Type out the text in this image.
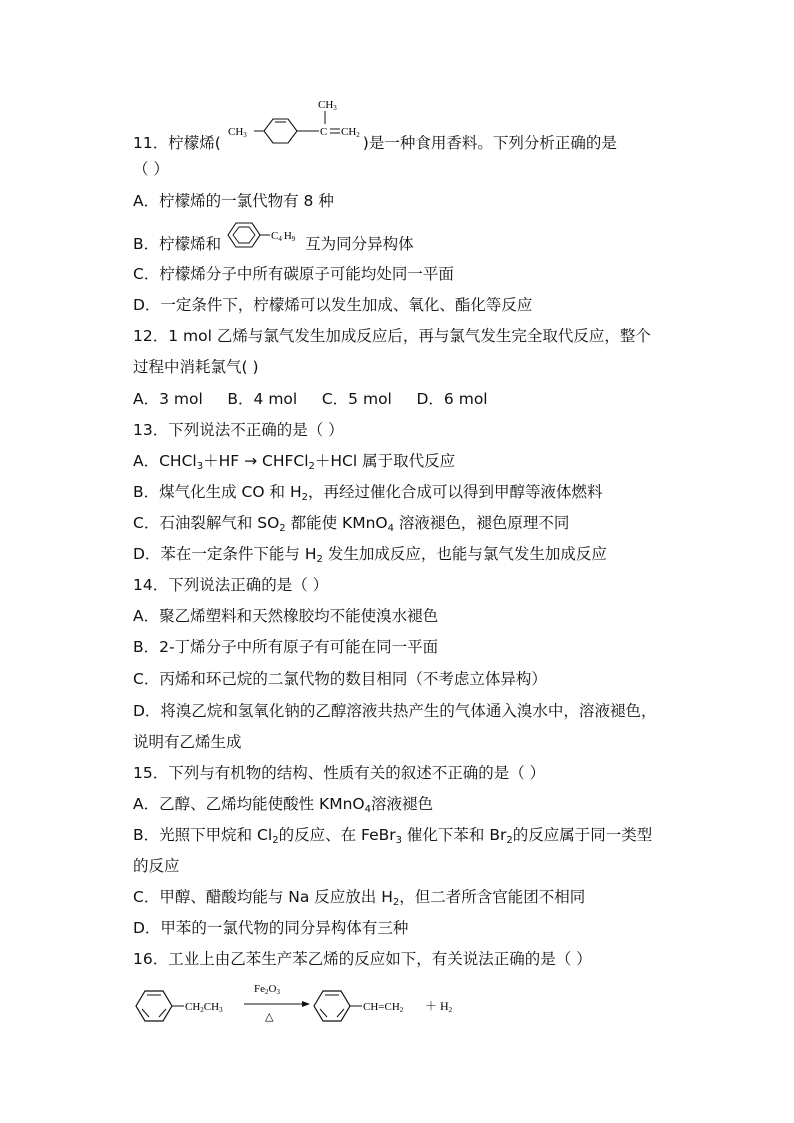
CH3
CH3	C CH2
11．柠檬烯(	)是一种食用香料。下列分析正确的是
（ ）
A．柠檬烯的一氯代物有 8 种
B．柠檬烯和	互为同分异构体
C4 H9
C．柠檬烯分子中所有碳原子可能均处同一平面
D．一定条件下，柠檬烯可以发生加成、氧化、酯化等反应
12．1 mol 乙烯与氯气发生加成反应后，再与氯气发生完全取代反应，整个
过程中消耗氯气( )
A．3 mol     B．4 mol     C．5 mol     D．6 mol
13．下列说法不正确的是（ ）
A．CHCl$_3$＋HF → CHFCl$_2$＋HCl 属于取代反应
B．煤气化生成 CO 和 $H_2$，再经过催化合成可以得到甲醇等液体燃料
C．石油裂解气和 $SO_2$ 都能使 KMnO$_4$ 溶液褪色，褪色原理不同
D．苯在一定条件下能与 $H_2$ 发生加成反应，也能与氯气发生加成反应
14．下列说法正确的是（ ）
A．聚乙烯塑料和天然橡胶均不能使溴水褪色
B．2-丁烯分子中所有原子有可能在同一平面
C．丙烯和环己烷的二氯代物的数目相同（不考虑立体异构）
D．将溴乙烷和氢氧化钠的乙醇溶液共热产生的气体通入溴水中，溶液褪色，
说明有乙烯生成
15．下列与有机物的结构、性质有关的叙述不正确的是（ ）
A．乙醇、乙烯均能使酸性 KMnO$_4$溶液褪色
B．光照下甲烷和 $Cl_2$的反应、在 FeBr$_3$ 催化下苯和 $Br_2$的反应属于同一类型
的反应
C．甲醇、醋酸均能与 Na 反应放出 $H_2$，但二者所含官能团不相同
D．甲苯的一氯代物的同分异构体有三种
16．工业上由乙苯生产苯乙烯的反应如下，有关说法正确的是（ ）
CH2CH3
Fe2O3
△
CH=CH2 ＋ H2
